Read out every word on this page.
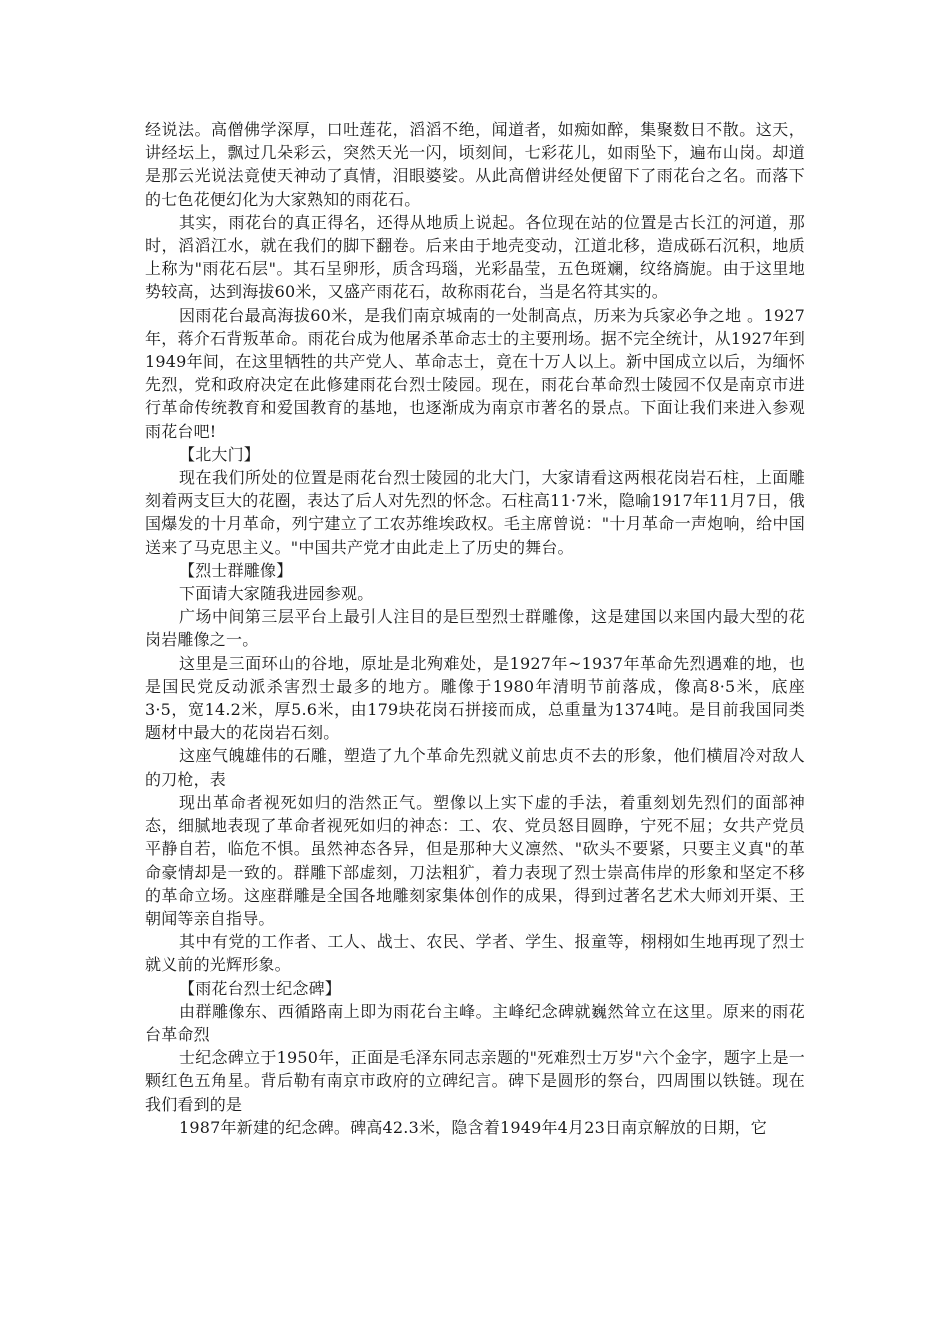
经说法。高僧佛学深厚，口吐莲花，滔滔不绝，闻道者，如痴如醉，集聚数日不散。这天，讲经坛上，飘过几朵彩云，突然天光一闪，顷刻间，七彩花儿，如雨坠下，遍布山岗。却道是那云光说法竟使天神动了真情，泪眼婆娑。从此高僧讲经处便留下了雨花台之名。而落下的七色花便幻化为大家熟知的雨花石。

其实，雨花台的真正得名，还得从地质上说起。各位现在站的位置是古长江的河道，那时，滔滔江水，就在我们的脚下翻卷。后来由于地壳变动，江道北移，造成砾石沉积，地质上称为"雨花石层"。其石呈卵形，质含玛瑙，光彩晶莹，五色斑斓，纹络旖旎。由于这里地势较高，达到海拔60米，又盛产雨花石，故称雨花台，当是名符其实的。

因雨花台最高海拔60米，是我们南京城南的一处制高点，历来为兵家必争之地 。1927年，蒋介石背叛革命。雨花台成为他屠杀革命志士的主要刑场。据不完全统计，从1927年到1949年间，在这里牺牲的共产党人、革命志士，竟在十万人以上。新中国成立以后，为缅怀先烈，党和政府决定在此修建雨花台烈士陵园。现在，雨花台革命烈士陵园不仅是南京市进行革命传统教育和爱国教育的基地，也逐渐成为南京市著名的景点。下面让我们来进入参观雨花台吧!

【北大门】

现在我们所处的位置是雨花台烈士陵园的北大门，大家请看这两根花岗岩石柱，上面雕刻着两支巨大的花圈，表达了后人对先烈的怀念。石柱高11·7米，隐喻1917年11月7日，俄国爆发的十月革命，列宁建立了工农苏维埃政权。毛主席曾说："十月革命一声炮响，给中国送来了马克思主义。"中国共产党才由此走上了历史的舞台。

【烈士群雕像】

下面请大家随我进园参观。

广场中间第三层平台上最引人注目的是巨型烈士群雕像，这是建国以来国内最大型的花岗岩雕像之一。

这里是三面环山的谷地，原址是北殉难处，是1927年~1937年革命先烈遇难的地，也是国民党反动派杀害烈士最多的地方。雕像于1980年清明节前落成，像高8·5米，底座3·5，宽14.2米，厚5.6米，由179块花岗石拼接而成，总重量为1374吨。是目前我国同类题材中最大的花岗岩石刻。

这座气魄雄伟的石雕，塑造了九个革命先烈就义前忠贞不去的形象，他们横眉冷对敌人的刀枪，表

现出革命者视死如归的浩然正气。塑像以上实下虚的手法，着重刻划先烈们的面部神态，细腻地表现了革命者视死如归的神态：工、农、党员怒目圆睁，宁死不屈；女共产党员平静自若，临危不惧。虽然神态各异，但是那种大义凛然、"砍头不要紧，只要主义真"的革命豪情却是一致的。群雕下部虚刻，刀法粗犷，着力表现了烈士崇高伟岸的形象和坚定不移的革命立场。这座群雕是全国各地雕刻家集体创作的成果，得到过著名艺术大师刘开渠、王朝闻等亲自指导。

其中有党的工作者、工人、战士、农民、学者、学生、报童等，栩栩如生地再现了烈士就义前的光辉形象。

【雨花台烈士纪念碑】

由群雕像东、西循路南上即为雨花台主峰。主峰纪念碑就巍然耸立在这里。原来的雨花台革命烈

士纪念碑立于1950年，正面是毛泽东同志亲题的"死难烈士万岁"六个金字，题字上是一颗红色五角星。背后勒有南京市政府的立碑纪言。碑下是圆形的祭台，四周围以铁链。现在我们看到的是

1987年新建的纪念碑。碑高42.3米，隐含着1949年4月23日南京解放的日期，它
